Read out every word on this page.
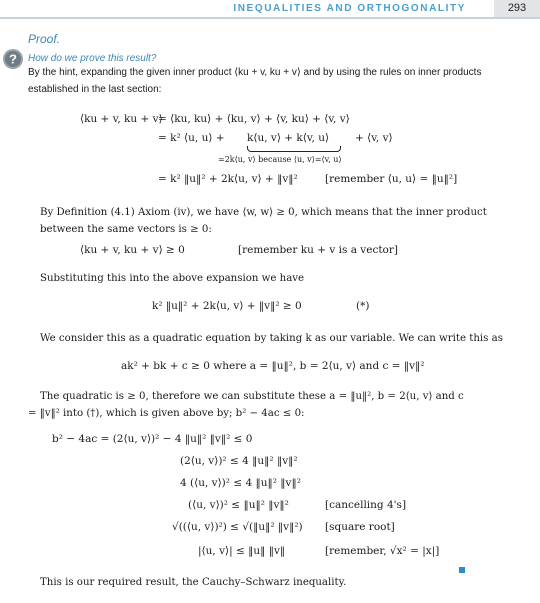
INEQUALITIES AND ORTHOGONALITY	293
Proof.
? How do we prove this result?
By the hint, expanding the given inner product ⟨ku + v, ku + v⟩ and by using the rules on inner products established in the last section:
⟨ku + v, ku + v⟩
= ⟨ku, ku⟩ + ⟨ku, v⟩ + ⟨v, ku⟩ + ⟨v, v⟩
= k² ⟨u, u⟩ + k⟨u, v⟩ + k⟨v, u⟩ + ⟨v, v⟩
=2k⟨u, v⟩ because ⟨u, v⟩=⟨v, u⟩
= k² ‖u‖² + 2k⟨u, v⟩ + ‖v‖²	[remember ⟨u, u⟩ = ‖u‖²]
By Definition (4.1) Axiom (iv), we have ⟨w, w⟩ ≥ 0, which means that the inner product between the same vectors is ≥ 0:
⟨ku + v, ku + v⟩ ≥ 0	[remember ku + v is a vector]
Substituting this into the above expansion we have
k² ‖u‖² + 2k⟨u, v⟩ + ‖v‖² ≥ 0	(*)
We consider this as a quadratic equation by taking k as our variable. We can write this as
ak² + bk + c ≥ 0 where a = ‖u‖², b = 2⟨u, v⟩ and c = ‖v‖²
The quadratic is ≥ 0, therefore we can substitute these a = ‖u‖², b = 2⟨u, v⟩ and c = ‖v‖² into (†), which is given above by; b² − 4ac ≤ 0:
b² − 4ac = (2⟨u, v⟩)² − 4 ‖u‖² ‖v‖² ≤ 0
(2⟨u, v⟩)² ≤ 4 ‖u‖² ‖v‖²
4 (⟨u, v⟩)² ≤ 4 ‖u‖² ‖v‖²
(⟨u, v⟩)² ≤ ‖u‖² ‖v‖²	[cancelling 4's]
√((⟨u, v⟩)²) ≤ √(‖u‖² ‖v‖²) [square root]
|⟨u, v⟩| ≤ ‖u‖ ‖v‖	[remember, √x² = |x|]
This is our required result, the Cauchy–Schwarz inequality.
